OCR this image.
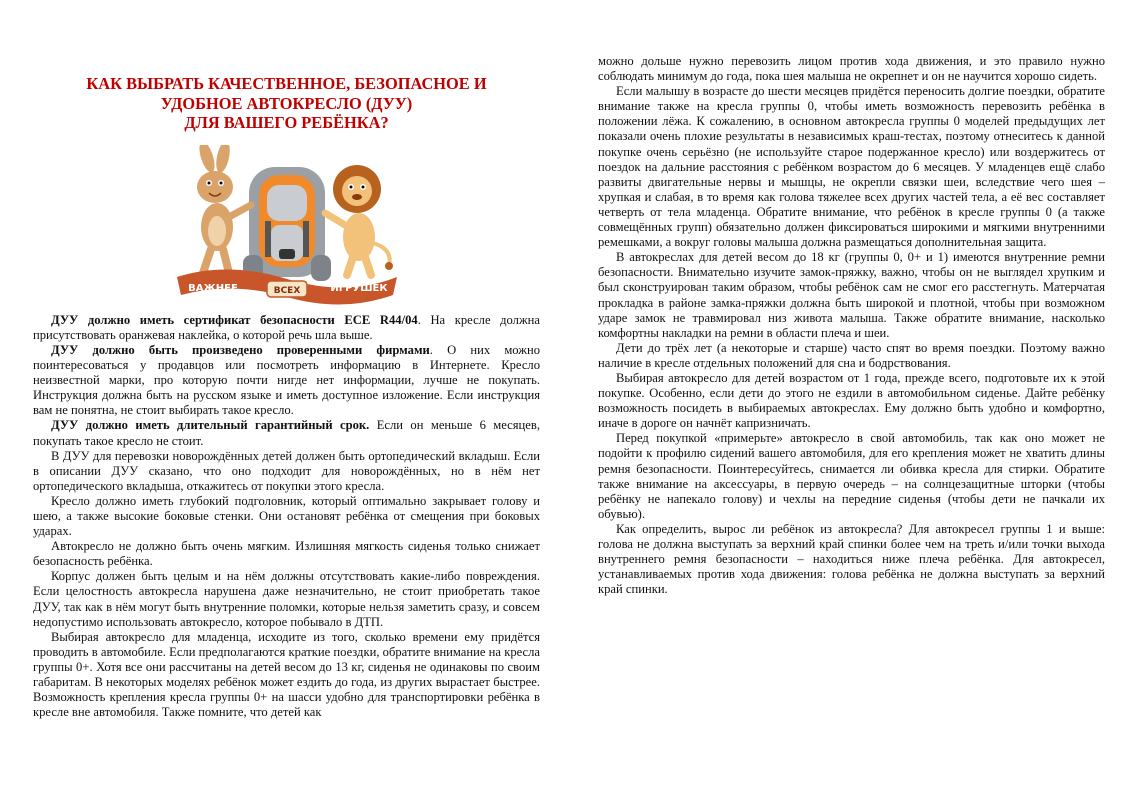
КАК ВЫБРАТЬ КАЧЕСТВЕННОЕ, БЕЗОПАСНОЕ И
УДОБНОЕ АВТОКРЕСЛО (ДУУ)
ДЛЯ ВАШЕГО РЕБЁНКА?
ВАЖНЕЕ	ВСЕХ	ИГРУШЕК

ДУУ должно иметь сертификат безопасности ECE R44/04. На кресле должна присутствовать оранжевая наклейка, о которой речь шла выше.

ДУУ должно быть произведено проверенными фирмами. О них можно поинтересоваться у продавцов или посмотреть информацию в Интернете. Кресло неизвестной марки, про которую почти нигде нет информации, лучше не покупать. Инструкция должна быть на русском языке и иметь доступное изложение. Если инструкция вам не понятна, не стоит выбирать такое кресло.

ДУУ должно иметь длительный гарантийный срок. Если он меньше 6 месяцев, покупать такое кресло не стоит.

В ДУУ для перевозки новорождённых детей должен быть ортопедический вкладыш. Если в описании ДУУ сказано, что оно подходит для новорождённых, но в нём нет ортопедического вкладыша, откажитесь от покупки этого кресла.

Кресло должно иметь глубокий подголовник, который оптимально закрывает голову и шею, а также высокие боковые стенки. Они остановят ребёнка от смещения при боковых ударах.

Автокресло не должно быть очень мягким. Излишняя мягкость сиденья только снижает безопасность ребёнка.

Корпус должен быть целым и на нём должны отсутствовать какие-либо повреждения. Если целостность автокресла нарушена даже незначительно, не стоит приобретать такое ДУУ, так как в нём могут быть внутренние поломки, которые нельзя заметить сразу, и совсем недопустимо использовать автокресло, которое побывало в ДТП.

Выбирая автокресло для младенца, исходите из того, сколько времени ему придётся проводить в автомобиле. Если предполагаются краткие поездки, обратите внимание на кресла группы 0+. Хотя все они рассчитаны на детей весом до 13 кг, сиденья не одинаковы по своим габаритам. В некоторых моделях ребёнок может ездить до года, из других вырастает быстрее. Возможность крепления кресла группы 0+ на шасси удобно для транспортировки ребёнка в кресле вне автомобиля. Также помните, что детей как

можно дольше нужно перевозить лицом против хода движения, и это правило нужно соблюдать минимум до года, пока шея малыша не окрепнет и он не научится хорошо сидеть.

Если малышу в возрасте до шести месяцев придётся переносить долгие поездки, обратите внимание также на кресла группы 0, чтобы иметь возможность перевозить ребёнка в положении лёжа. К сожалению, в основном автокресла группы 0 моделей предыдущих лет показали очень плохие результаты в независимых краш-тестах, поэтому отнеситесь к данной покупке очень серьёзно (не используйте старое подержанное кресло) или воздержитесь от поездок на дальние расстояния с ребёнком возрастом до 6 месяцев. У младенцев ещё слабо развиты двигательные нервы и мышцы, не окрепли связки шеи, вследствие чего шея – хрупкая и слабая, в то время как голова тяжелее всех других частей тела, а её вес составляет четверть от тела младенца. Обратите внимание, что ребёнок в кресле группы 0 (а также совмещённых групп) обязательно должен фиксироваться широкими и мягкими внутренними ремешками, а вокруг головы малыша должна размещаться дополнительная защита.

В автокреслах для детей весом до 18 кг (группы 0, 0+ и 1) имеются внутренние ремни безопасности. Внимательно изучите замок-пряжку, важно, чтобы он не выглядел хрупким и был сконструирован таким образом, чтобы ребёнок сам не смог его расстегнуть. Матерчатая прокладка в районе замка-пряжки должна быть широкой и плотной, чтобы при возможном ударе замок не травмировал низ живота малыша. Также обратите внимание, насколько комфортны накладки на ремни в области плеча и шеи.

Дети до трёх лет (а некоторые и старше) часто спят во время поездки. Поэтому важно наличие в кресле отдельных положений для сна и бодрствования.

Выбирая автокресло для детей возрастом от 1 года, прежде всего, подготовьте их к этой покупке. Особенно, если дети до этого не ездили в автомобильном сиденье. Дайте ребёнку возможность посидеть в выбираемых автокреслах. Ему должно быть удобно и комфортно, иначе в дороге он начнёт капризничать.

Перед покупкой «примерьте» автокресло в свой автомобиль, так как оно может не подойти к профилю сидений вашего автомобиля, для его крепления может не хватить длины ремня безопасности. Поинтересуйтесь, снимается ли обивка кресла для стирки. Обратите также внимание на аксессуары, в первую очередь – на солнцезащитные шторки (чтобы ребёнку не напекало голову) и чехлы на передние сиденья (чтобы дети не пачкали их обувью).

Как определить, вырос ли ребёнок из автокресла? Для автокресел группы 1 и выше: голова не должна выступать за верхний край спинки более чем на треть и/или точки выхода внутреннего ремня безопасности – находиться ниже плеча ребёнка. Для автокресел, устанавливаемых против хода движения: голова ребёнка не должна выступать за верхний край спинки.
